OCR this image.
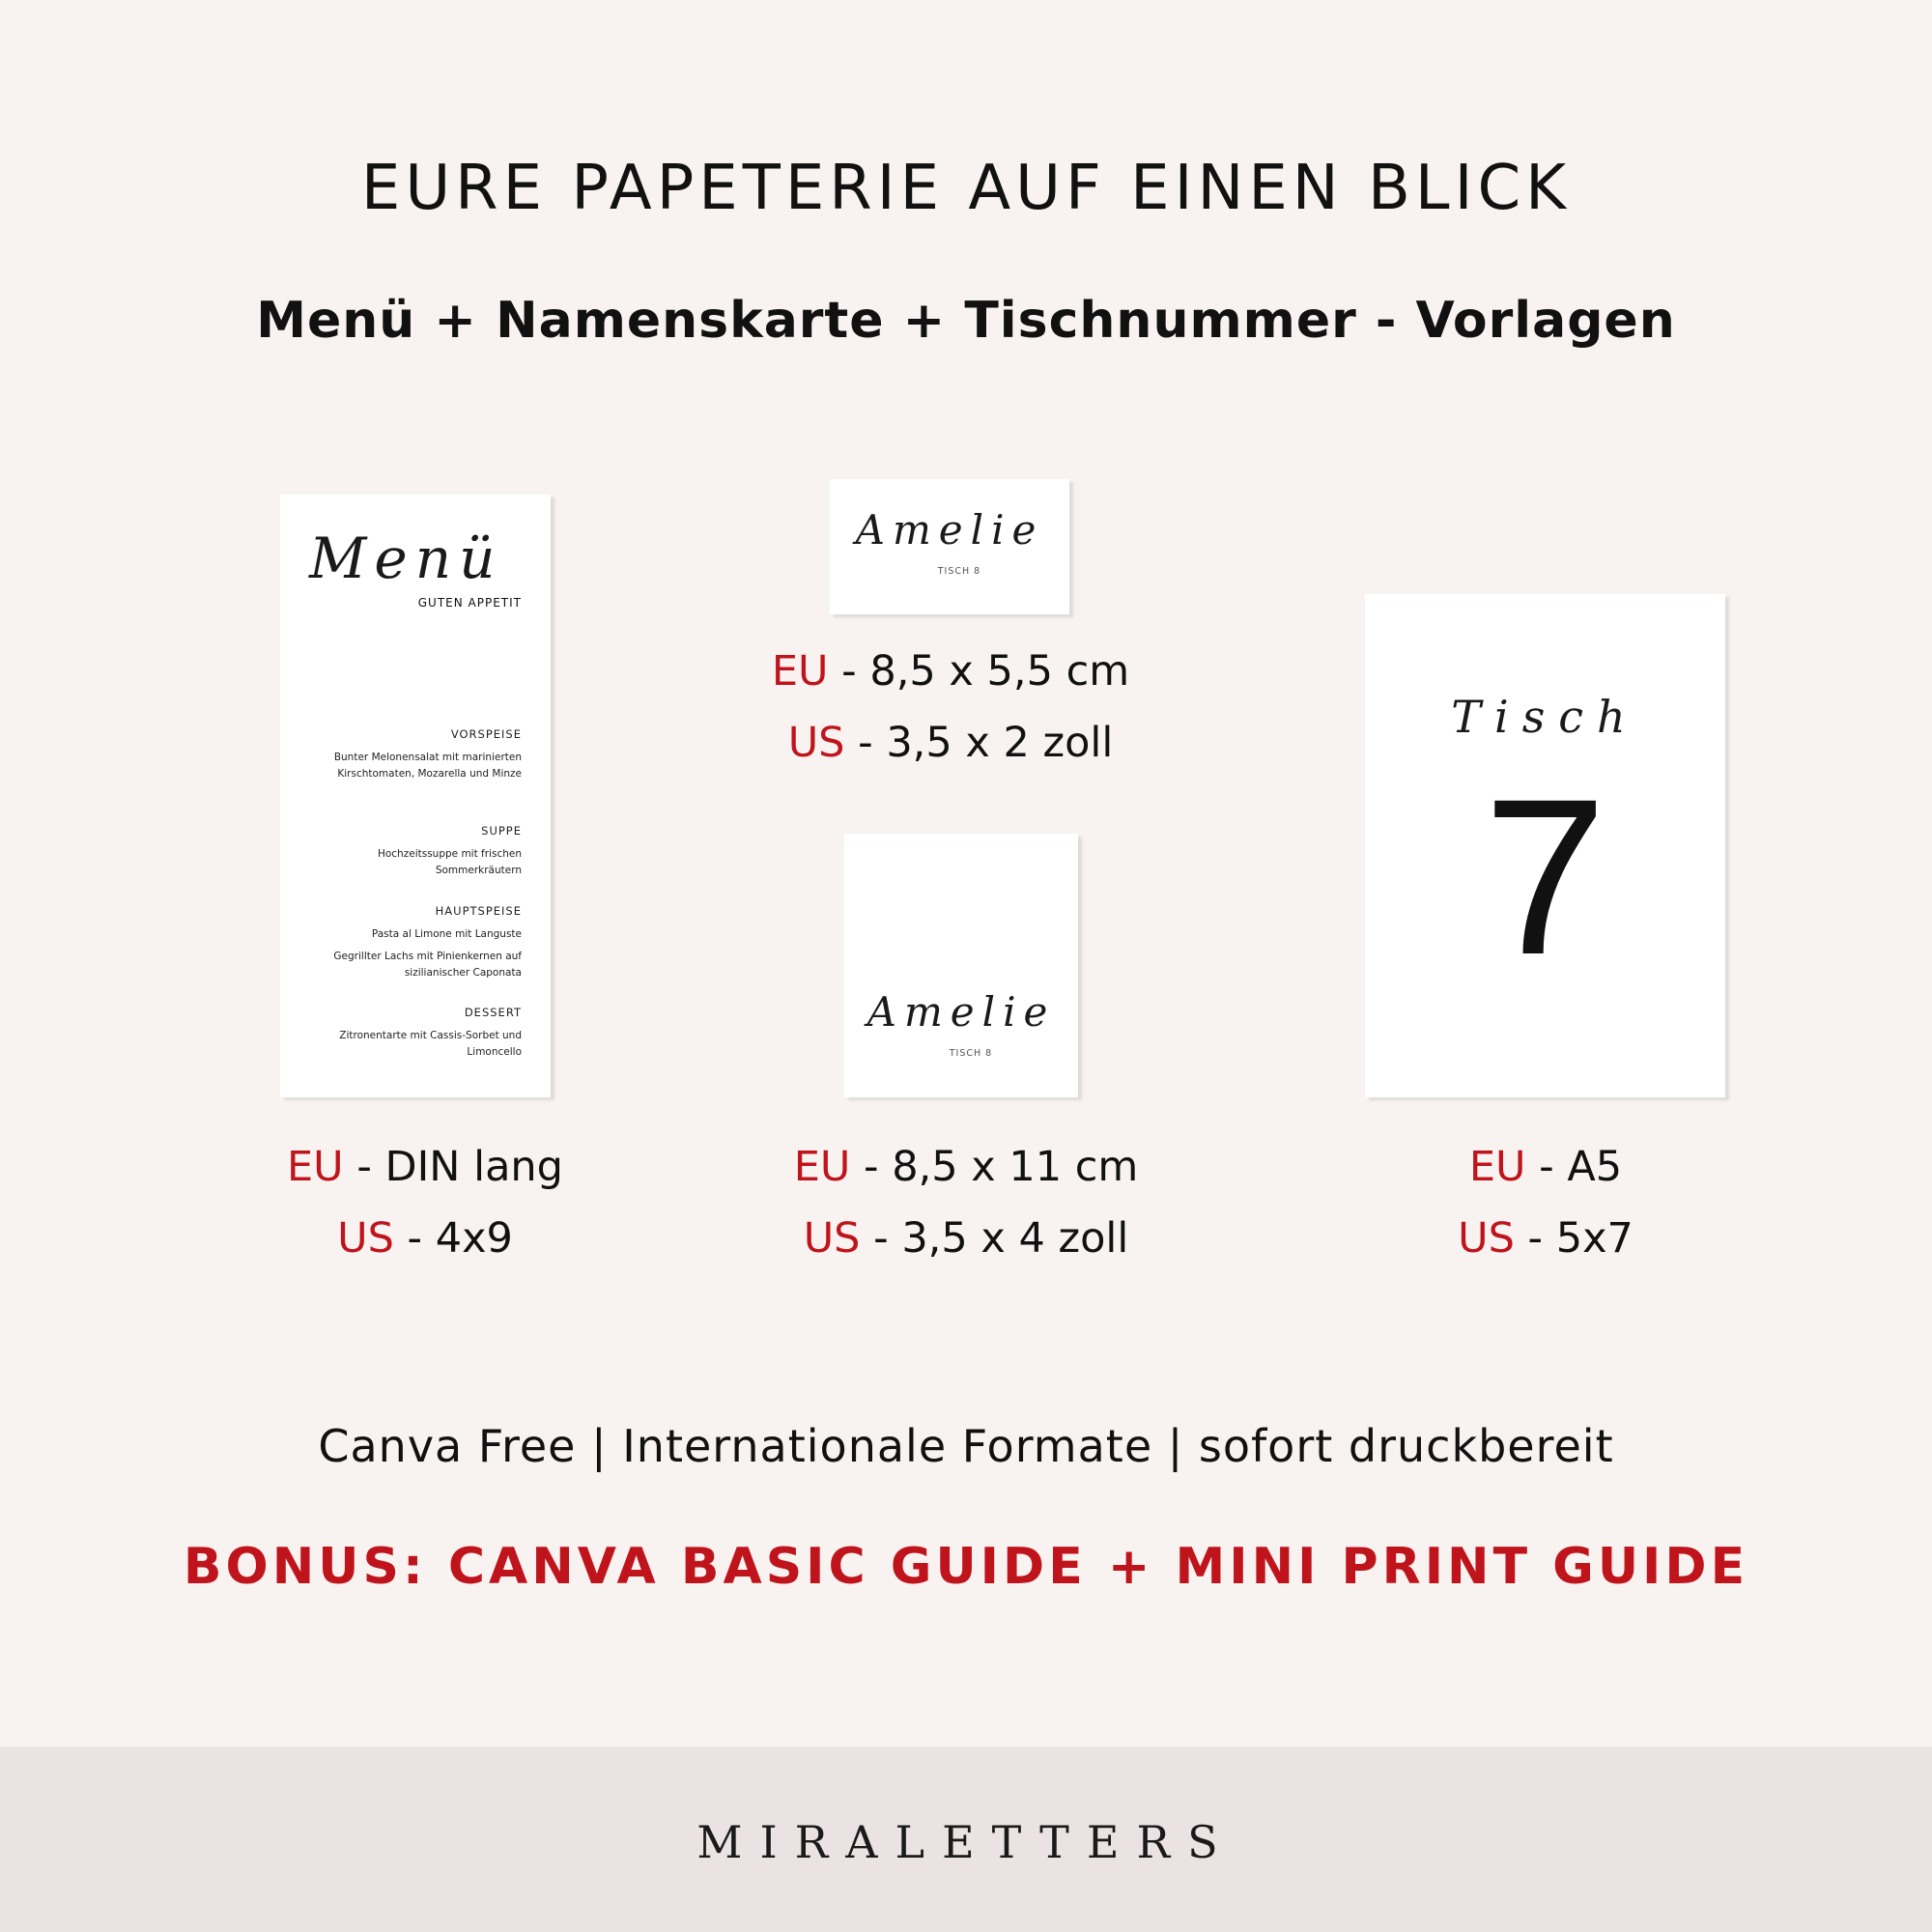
EURE PAPETERIE AUF EINEN BLICK
Menü + Namenskarte + Tischnummer - Vorlagen
Menü
GUTEN APPETIT
VORSPEISE
Bunter Melonensalat mit marinierten Kirschtomaten, Mozarella und Minze
SUPPE
Hochzeitssuppe mit frischen Sommerkräutern
HAUPTSPEISE
Pasta al Limone mit Languste
Gegrillter Lachs mit Pinienkernen auf sizilianischer Caponata
DESSERT
Zitronentarte mit Cassis-Sorbet und Limoncello
Amelie
TISCH 8
Amelie
TISCH 8
Tisch
7
EU - 8,5 x 5,5 cm
US - 3,5 x 2 zoll
EU - DIN lang
US - 4x9
EU - 8,5 x 11 cm
US - 3,5 x 4 zoll
EU - A5
US - 5x7
Canva Free | Internationale Formate | sofort druckbereit
BONUS: CANVA BASIC GUIDE + MINI PRINT GUIDE
MIRALETTERS
